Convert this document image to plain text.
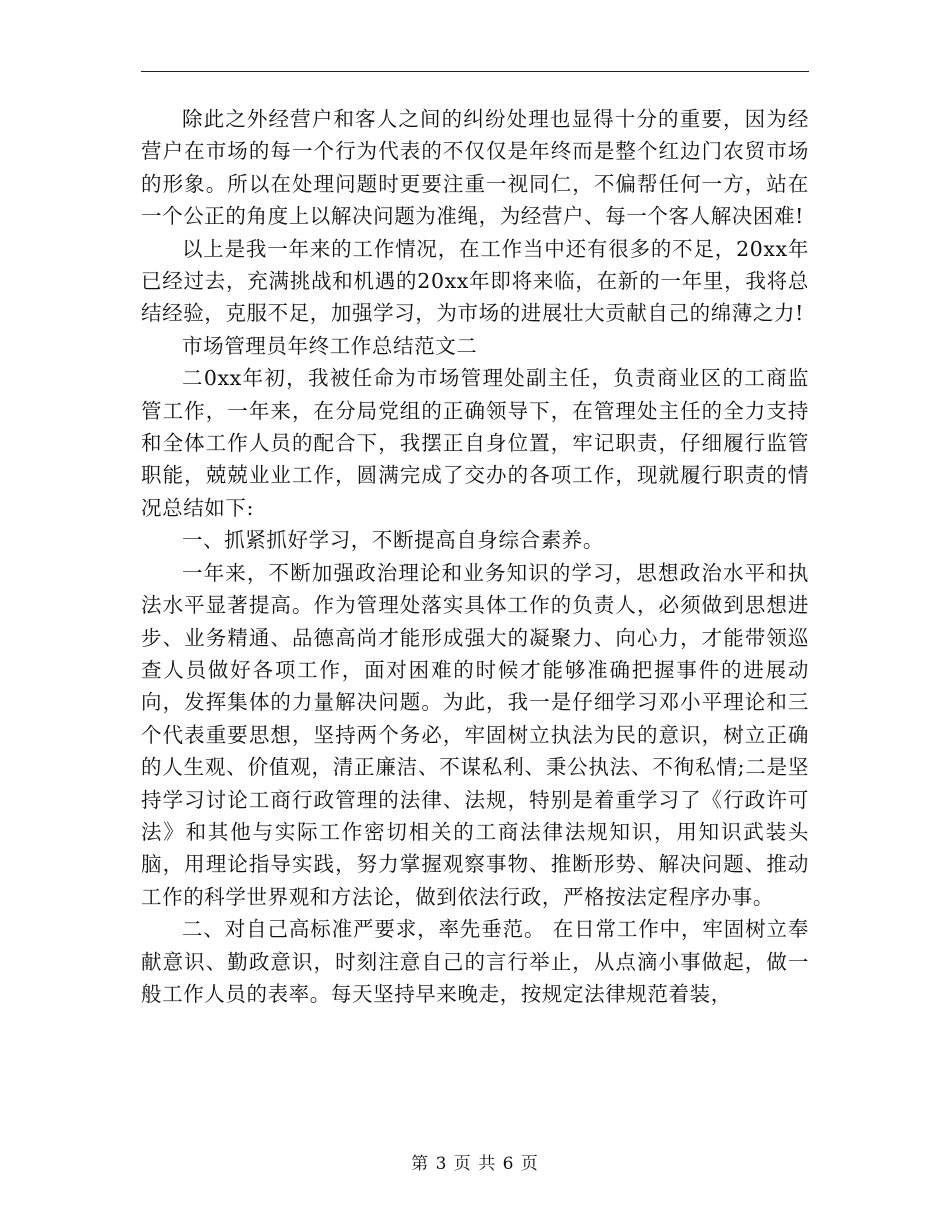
除此之外经营户和客人之间的纠纷处理也显得十分的重要，因为经营户在市场的每一个行为代表的不仅仅是年终而是整个红边门农贸市场的形象。所以在处理问题时更要注重一视同仁，不偏帮任何一方，站在一个公正的角度上以解决问题为准绳，为经营户、每一个客人解决困难!

以上是我一年来的工作情况，在工作当中还有很多的不足，20xx年已经过去，充满挑战和机遇的20xx年即将来临，在新的一年里，我将总结经验，克服不足，加强学习，为市场的进展壮大贡献自己的绵薄之力!

市场管理员年终工作总结范文二

二0xx年初，我被任命为市场管理处副主任，负责商业区的工商监管工作，一年来，在分局党组的正确领导下，在管理处主任的全力支持和全体工作人员的配合下，我摆正自身位置，牢记职责，仔细履行监管职能，兢兢业业工作，圆满完成了交办的各项工作，现就履行职责的情况总结如下:

一、抓紧抓好学习，不断提高自身综合素养。

一年来，不断加强政治理论和业务知识的学习，思想政治水平和执法水平显著提高。作为管理处落实具体工作的负责人，必须做到思想进步、业务精通、品德高尚才能形成强大的凝聚力、向心力，才能带领巡查人员做好各项工作，面对困难的时候才能够准确把握事件的进展动向，发挥集体的力量解决问题。为此，我一是仔细学习邓小平理论和三个代表重要思想，坚持两个务必，牢固树立执法为民的意识，树立正确的人生观、价值观，清正廉洁、不谋私利、秉公执法、不徇私情;二是坚持学习讨论工商行政管理的法律、法规，特别是着重学习了《行政许可法》和其他与实际工作密切相关的工商法律法规知识，用知识武装头脑，用理论指导实践，努力掌握观察事物、推断形势、解决问题、推动工作的科学世界观和方法论，做到依法行政，严格按法定程序办事。

二、对自己高标准严要求，率先垂范。 在日常工作中，牢固树立奉献意识、勤政意识，时刻注意自己的言行举止，从点滴小事做起，做一般工作人员的表率。每天坚持早来晚走，按规定法律规范着装，

第 3 页 共 6 页
